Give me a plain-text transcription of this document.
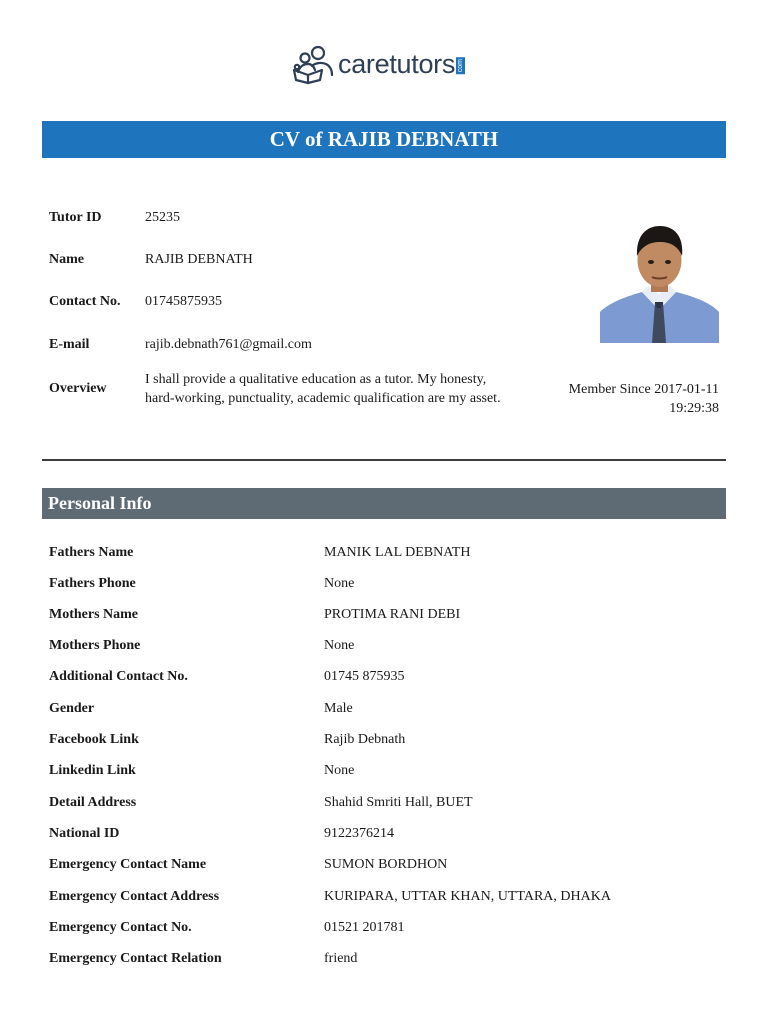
caretutors com
CV of RAJIB DEBNATH
Tutor ID	25235
Name	RAJIB DEBNATH
Contact No.	01745875935
E-mail	rajib.debnath761@gmail.com
Overview
I shall provide a qualitative education as a tutor. My honesty, hard-working, punctuality, academic qualification are my asset.
Member Since 2017-01-11
19:29:38
Personal Info
Fathers Name	MANIK LAL DEBNATH
Fathers Phone	None
Mothers Name	PROTIMA RANI DEBI
Mothers Phone	None
Additional Contact No.	01745 875935
Gender	Male
Facebook Link	Rajib Debnath
Linkedin Link	None
Detail Address	Shahid Smriti Hall, BUET
National ID	9122376214
Emergency Contact Name	SUMON BORDHON
Emergency Contact Address	KURIPARA, UTTAR KHAN, UTTARA, DHAKA
Emergency Contact No.	01521 201781
Emergency Contact Relation	friend
